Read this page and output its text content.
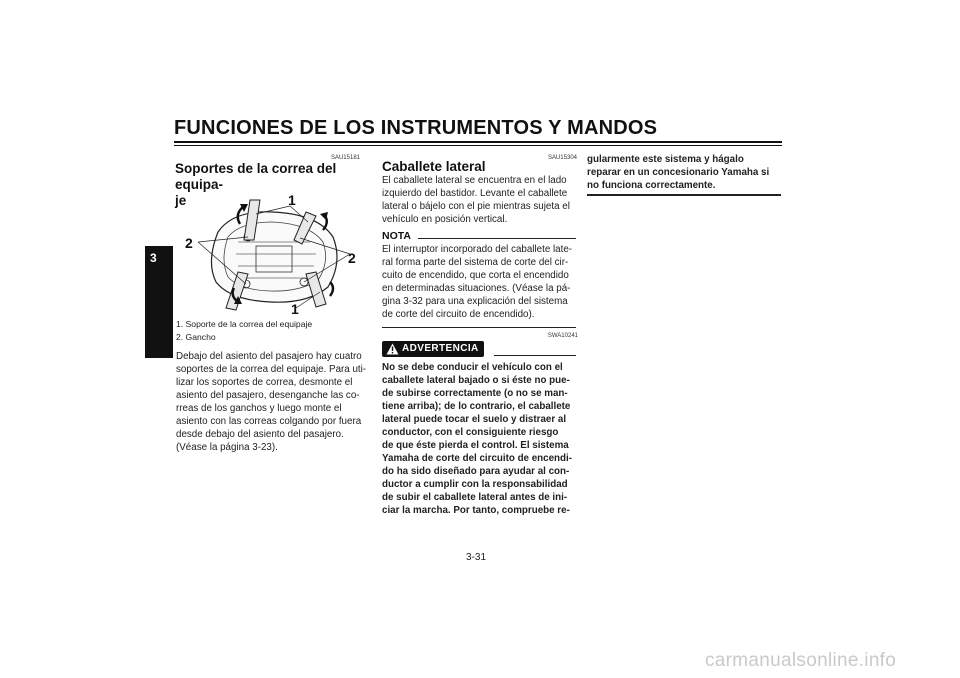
FUNCIONES DE LOS INSTRUMENTOS Y MANDOS
3
SAU15181
Soportes de la correa del equipa-
je	1
2
2
1
1. Soporte de la correa del equipaje
2. Gancho
Debajo del asiento del pasajero hay cuatro
soportes de la correa del equipaje. Para uti-
lizar los soportes de correa, desmonte el
asiento del pasajero, desenganche las co-
rreas de los ganchos y luego monte el
asiento con las correas colgando por fuera
desde debajo del asiento del pasajero.
(Véase la página 3-23).
SAU15304
Caballete lateral
El caballete lateral se encuentra en el lado
izquierdo del bastidor. Levante el caballete
lateral o bájelo con el pie mientras sujeta el
vehículo en posición vertical.
NOTA
El interruptor incorporado del caballete late-
ral forma parte del sistema de corte del cir-
cuito de encendido, que corta el encendido
en determinadas situaciones. (Véase la pá-
gina 3-32 para una explicación del sistema
de corte del circuito de encendido).
SWA10241
ADVERTENCIA
No se debe conducir el vehículo con el
caballete lateral bajado o si éste no pue-
de subirse correctamente (o no se man-
tiene arriba); de lo contrario, el caballete
lateral puede tocar el suelo y distraer al
conductor, con el consiguiente riesgo
de que éste pierda el control. El sistema
Yamaha de corte del circuito de encendi-
do ha sido diseñado para ayudar al con-
ductor a cumplir con la responsabilidad
de subir el caballete lateral antes de ini-
ciar la marcha. Por tanto, compruebe re-
gularmente este sistema y hágalo
reparar en un concesionario Yamaha si
no funciona correctamente.
3-31
carmanualsonline.info
